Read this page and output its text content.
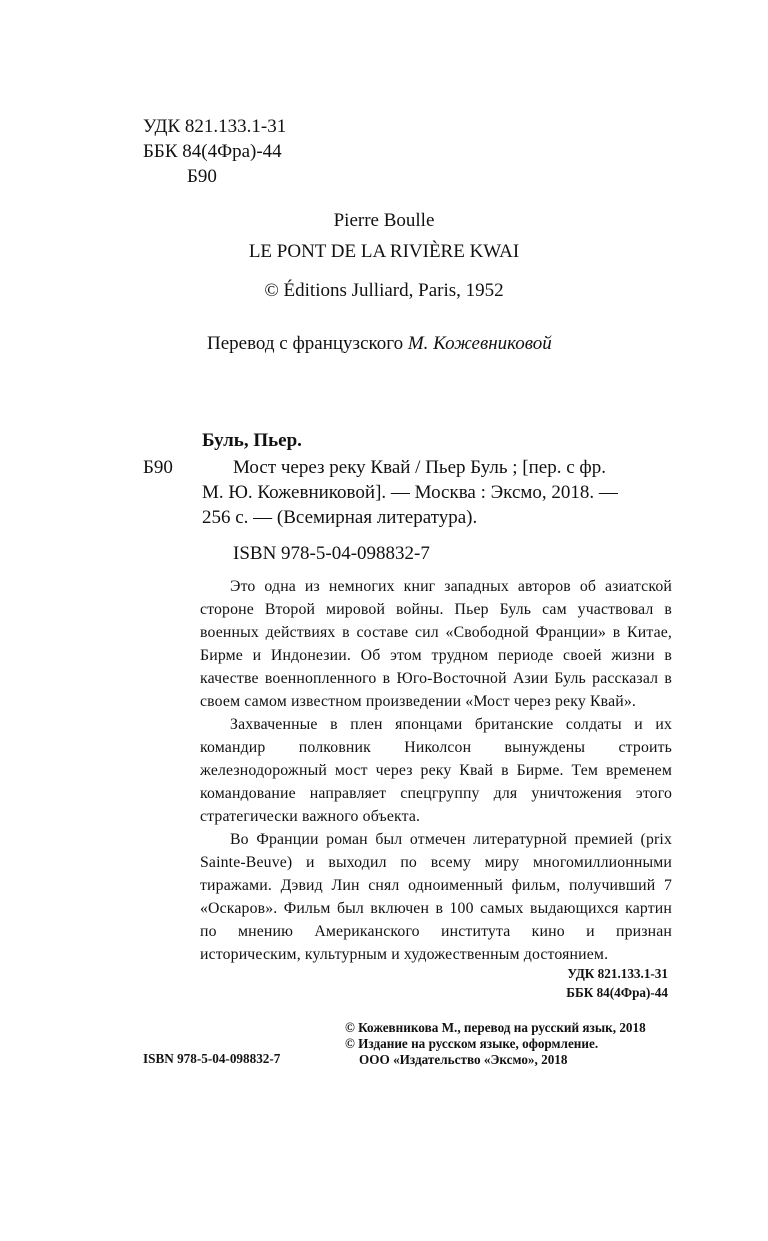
УДК 821.133.1-31
ББК 84(4Фра)-44
Б90
Pierre Boulle
LE PONT DE LA RIVIÈRE KWAI
© Éditions Julliard, Paris, 1952
Перевод с французского М. Кожевниковой
Буль, Пьер.
Б90	Мост через реку Квай / Пьер Буль ; [пер. с фр.
М. Ю. Кожевниковой]. — Москва : Эксмо, 2018. —
256 с. — (Всемирная литература).
ISBN 978-5-04-098832-7

Это одна из немногих книг западных авторов об азиатской стороне Второй мировой войны. Пьер Буль сам участвовал в военных действиях в составе сил «Свободной Франции» в Китае, Бирме и Индонезии. Об этом трудном периоде своей жизни в качестве военнопленного в Юго-Восточной Азии Буль рассказал в своем самом известном произведении «Мост через реку Квай».

Захваченные в плен японцами британские солдаты и их командир полковник Николсон вынуждены строить железнодорожный мост через реку Квай в Бирме. Тем временем командование направляет спецгруппу для уничтожения этого стратегически важного объекта.

Во Франции роман был отмечен литературной премией (prix Sainte-Beuve) и выходил по всему миру многомиллионными тиражами. Дэвид Лин снял одноименный фильм, получивший 7 «Оскаров». Фильм был включен в 100 самых выдающихся картин по мнению Американского института кино и признан историческим, культурным и художественным достоянием.

УДК 821.133.1-31
ББК 84(4Фра)-44
© Кожевникова М., перевод на русский язык, 2018
© Издание на русском языке, оформление.
ООО «Издательство «Эксмо», 2018
ISBN 978-5-04-098832-7
